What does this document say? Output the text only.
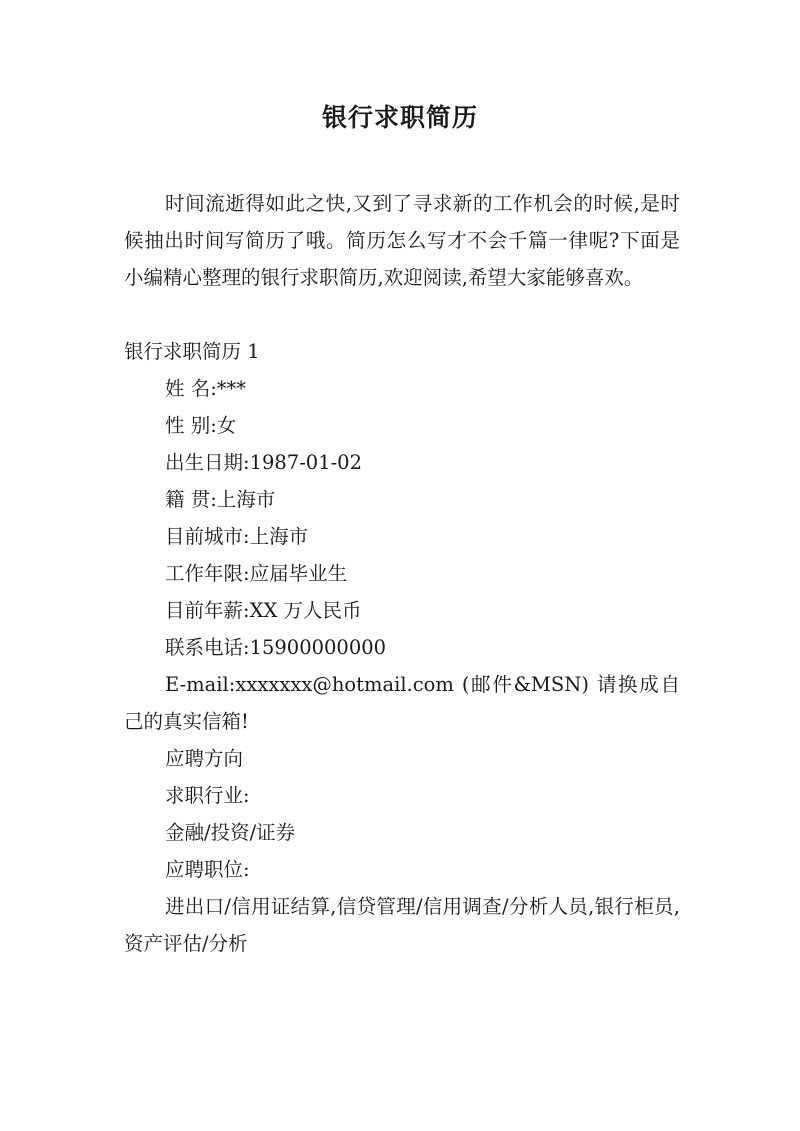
银行求职简历

时间流逝得如此之快,又到了寻求新的工作机会的时候,是时候抽出时间写简历了哦。简历怎么写才不会千篇一律呢?下面是小编精心整理的银行求职简历,欢迎阅读,希望大家能够喜欢。

银行求职简历 1

姓 名:***

性 别:女

出生日期:1987-01-02

籍 贯:上海市

目前城市:上海市

工作年限:应届毕业生

目前年薪:XX 万人民币

联系电话:15900000000

E-mail:xxxxxxx@hotmail.com (邮件&MSN) 请换成自己的真实信箱!

应聘方向

求职行业:

金融/投资/证券

应聘职位:

进出口/信用证结算,信贷管理/信用调查/分析人员,银行柜员,资产评估/分析
